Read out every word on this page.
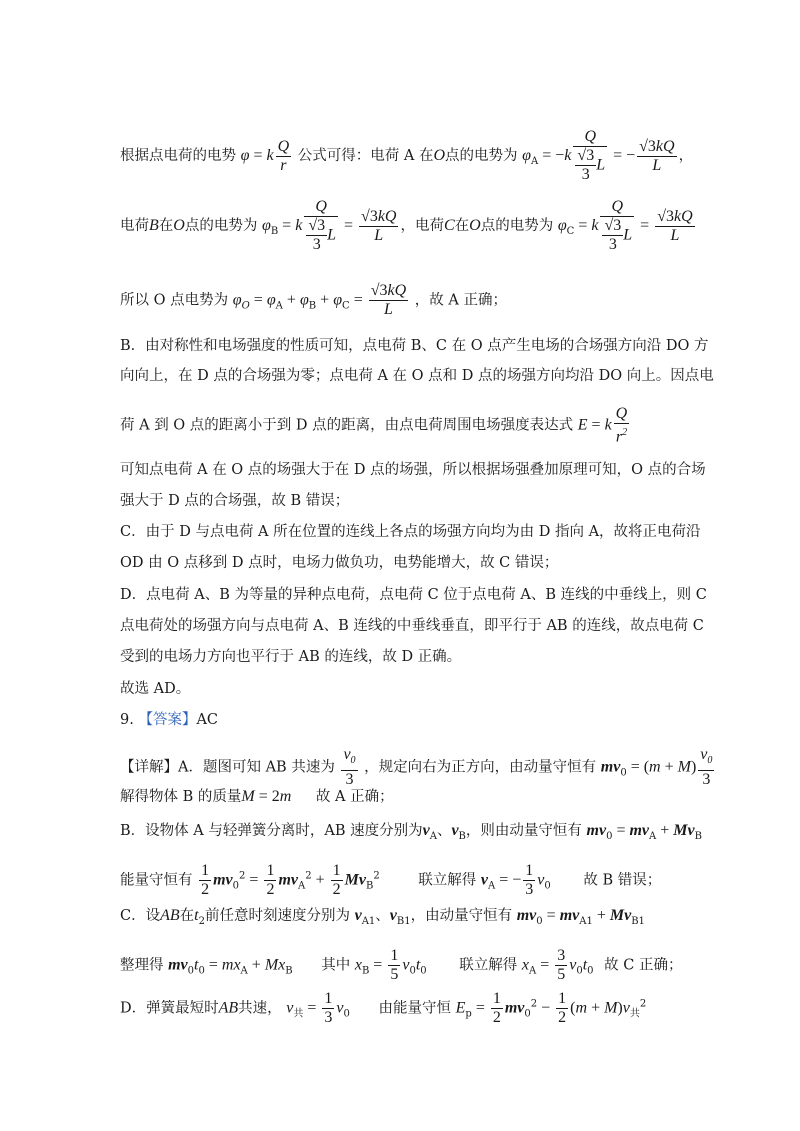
根据点电荷的电势 φ = k $\frac{Q}{r}$ 公式可得：电荷 A 在O点的电势为 $\varphi_A = -k \frac{Q}{\frac{√3}{3} L}$ = − $\frac{√3kQ}{L}$ ，
电荷B在O点的电势为 $\varphi_B = k \frac{Q}{\frac{√3}{3} L} = \frac{√3kQ}{L}$ ，电荷C在O点的电势为 $\varphi_C = k \frac{Q}{\frac{√3}{3} L} = \frac{√3kQ}{L}$
所以 O 点电势为 $\varphi_O = \varphi_A + \varphi_B + \varphi_C = \frac{√3kQ}{L}$ ，故 A 正确；
B．由对称性和电场强度的性质可知，点电荷 B、C 在 O 点产生电场的合场强方向沿 DO 方
向向上，在 D 点的合场强为零；点电荷 A 在 O 点和 D 点的场强方向均沿 DO 向上。因点电
荷 A 到 O 点的距离小于到 D 点的距离，由点电荷周围电场强度表达式 E = k $\frac{Q}{r^2}$
可知点电荷 A 在 O 点的场强大于在 D 点的场强，所以根据场强叠加原理可知，O 点的合场
强大于 D 点的合场强，故 B 错误；
C．由于 D 与点电荷 A 所在位置的连线上各点的场强方向均为由 D 指向 A，故将正电荷沿
OD 由 O 点移到 D 点时，电场力做负功，电势能增大，故 C 错误；
D．点电荷 A、B 为等量的异种点电荷，点电荷 C 位于点电荷 A、B 连线的中垂线上，则 C
点电荷处的场强方向与点电荷 A、B 连线的中垂线垂直，即平行于 AB 的连线，故点电荷 C
受到的电场力方向也平行于 AB 的连线，故 D 正确。
故选 AD。
9. 【答案】AC
【详解】A．题图可知 AB 共速为 $\frac{v_0}{3}$ ，规定向右为正方向，由动量守恒有 $mv_0 = (m + M) \frac{v_0}{3}$
解得物体 B 的质量M = 2m 故 A 正确；
B．设物体 A 与轻弹簧分离时，AB 速度分别为$v_A$、$v_B$，则由动量守恒有 $mv_0 = mv_A + Mv_B$
能量守恒有 $\frac{1}{2} mv_0^2 = \frac{1}{2} mv_A^2 + \frac{1}{2} Mv_B^2$	联立解得 $v_A$ = − $\frac{1}{3} v_0$ 故 B 错误；
C．设AB在$t_2$前任意时刻速度分别为 $v_{A1}$、$v_{B1}$，由动量守恒有 $mv_0 = mv_{A1} + Mv_{B1}$
整理得 $mv_0t_0 = mx_A + Mx_B$ 其中 $x_B = \frac{1}{5} v_0t_0$ 联立解得 $x_A = \frac{3}{5} v_0t_0$ 故 C 正确；
D．弹簧最短时AB共速， $v_共 = \frac{1}{3} v_0$ 由能量守恒 $E_p = \frac{1}{2} mv_0^2 - \frac{1}{2} (m + M)v_共^2$
